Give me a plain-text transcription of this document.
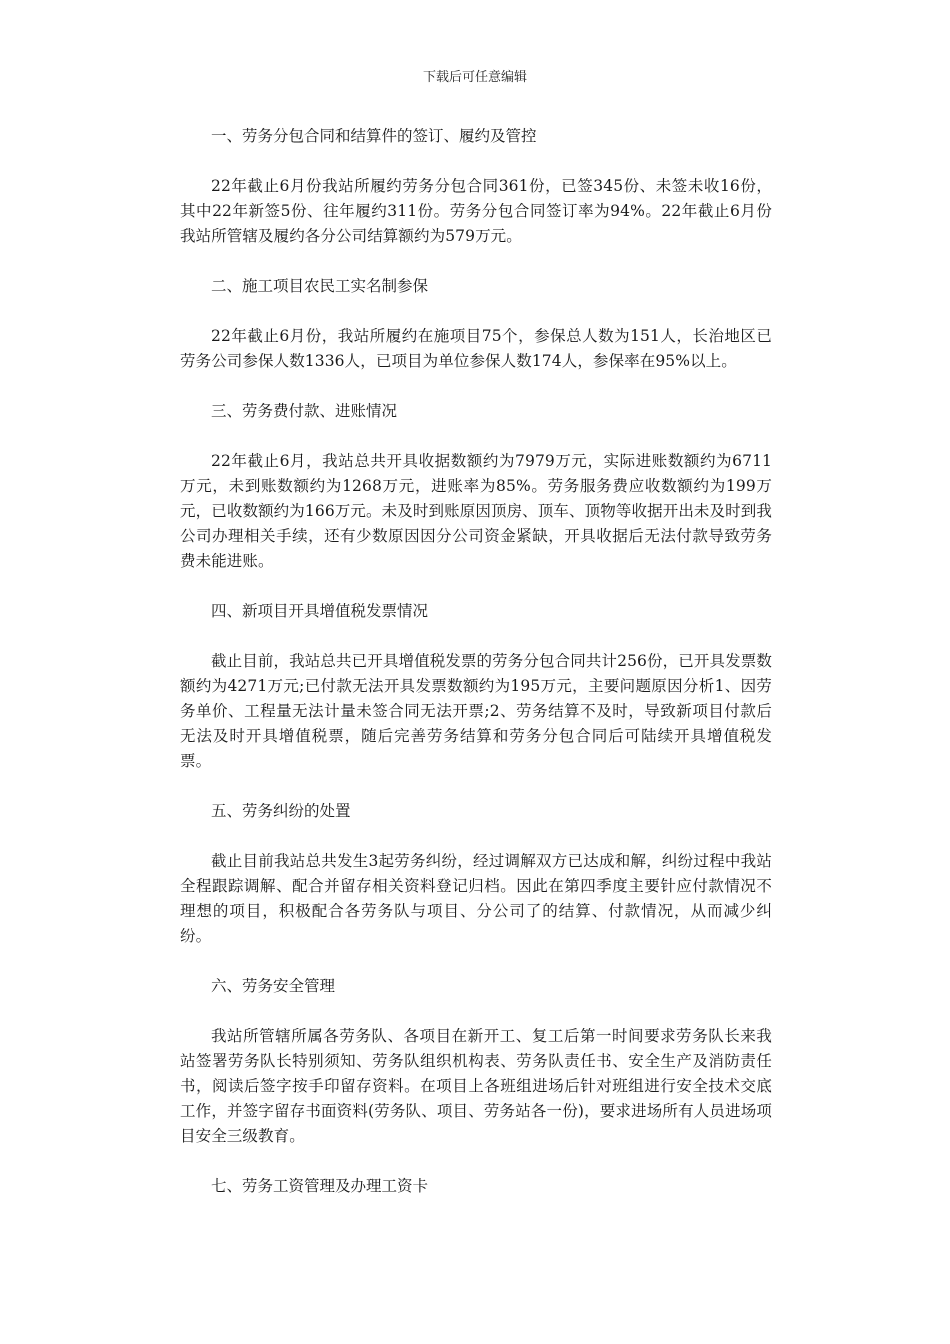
下载后可任意编辑

一、劳务分包合同和结算件的签订、履约及管控

22年截止6月份我站所履约劳务分包合同361份，已签345份、未签未收16份，其中22年新签5份、往年履约311份。劳务分包合同签订率为94%。22年截止6月份我站所管辖及履约各分公司结算额约为579万元。

二、施工项目农民工实名制参保

22年截止6月份，我站所履约在施项目75个，参保总人数为151人，长治地区已劳务公司参保人数1336人，已项目为单位参保人数174人，参保率在95%以上。

三、劳务费付款、进账情况

22年截止6月，我站总共开具收据数额约为7979万元，实际进账数额约为6711万元，未到账数额约为1268万元，进账率为85%。劳务服务费应收数额约为199万元，已收数额约为166万元。未及时到账原因顶房、顶车、顶物等收据开出未及时到我公司办理相关手续，还有少数原因因分公司资金紧缺，开具收据后无法付款导致劳务费未能进账。

四、新项目开具增值税发票情况

截止目前，我站总共已开具增值税发票的劳务分包合同共计256份，已开具发票数额约为4271万元;已付款无法开具发票数额约为195万元，主要问题原因分析1、因劳务单价、工程量无法计量未签合同无法开票;2、劳务结算不及时，导致新项目付款后无法及时开具增值税票，随后完善劳务结算和劳务分包合同后可陆续开具增值税发票。

五、劳务纠纷的处置

截止目前我站总共发生3起劳务纠纷，经过调解双方已达成和解，纠纷过程中我站全程跟踪调解、配合并留存相关资料登记归档。因此在第四季度主要针应付款情况不理想的项目，积极配合各劳务队与项目、分公司了的结算、付款情况，从而减少纠纷。

六、劳务安全管理

我站所管辖所属各劳务队、各项目在新开工、复工后第一时间要求劳务队长来我站签署劳务队长特别须知、劳务队组织机构表、劳务队责任书、安全生产及消防责任书，阅读后签字按手印留存资料。在项目上各班组进场后针对班组进行安全技术交底工作，并签字留存书面资料(劳务队、项目、劳务站各一份)，要求进场所有人员进场项目安全三级教育。

七、劳务工资管理及办理工资卡
